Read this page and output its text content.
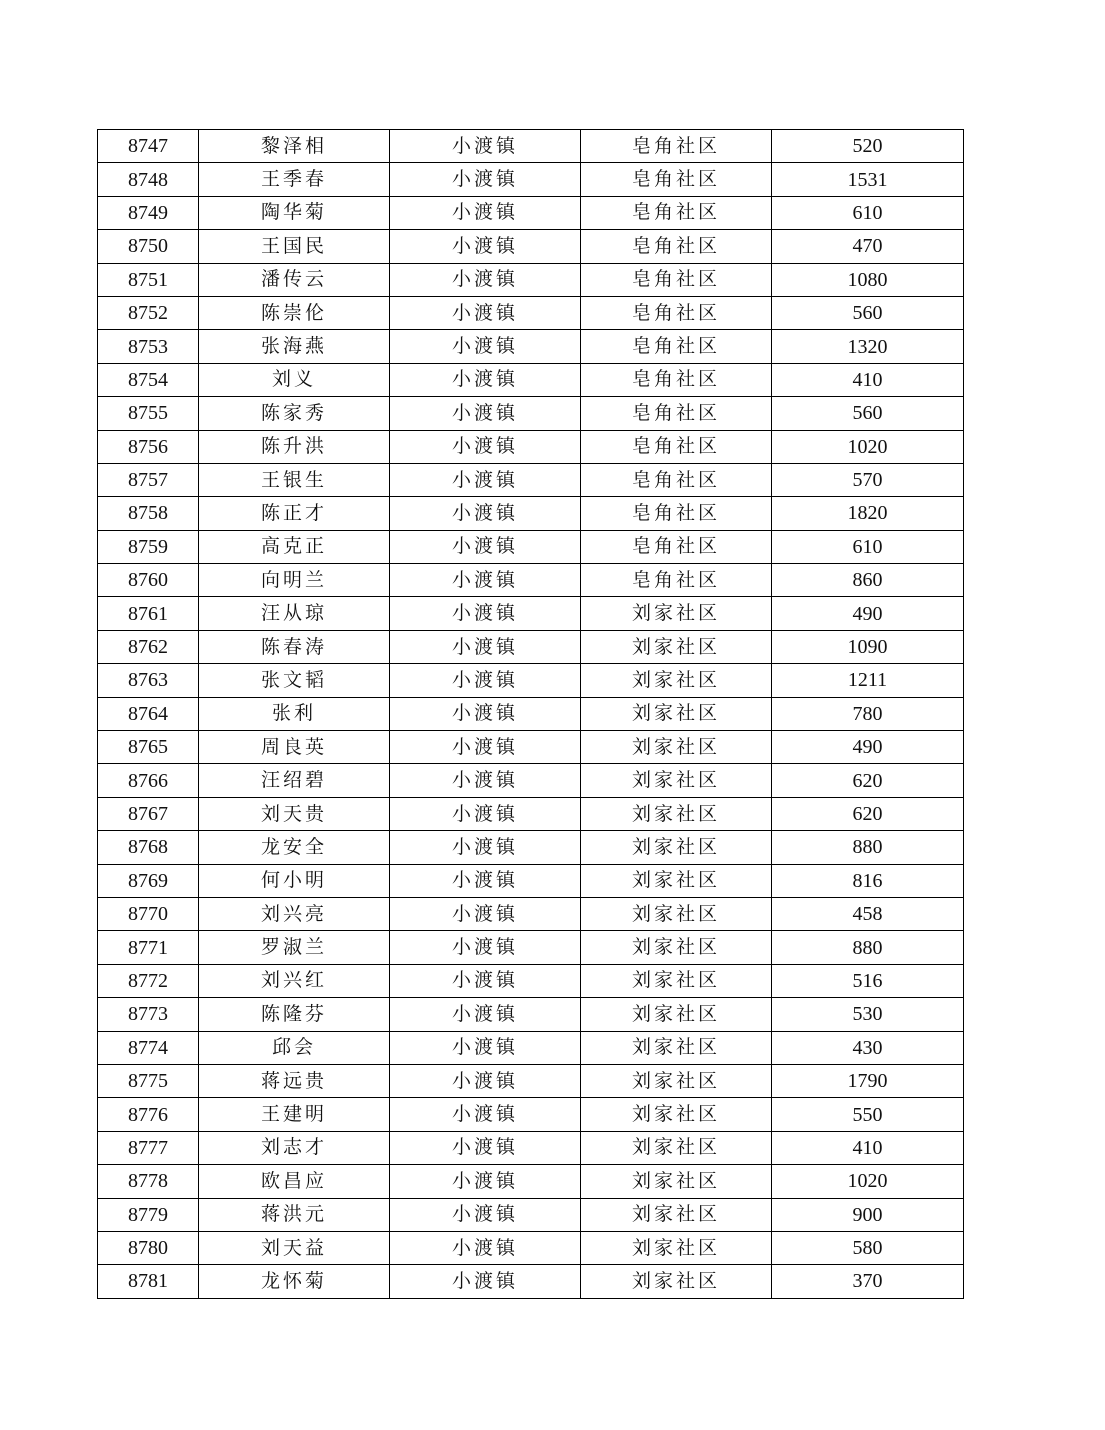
8747	黎泽相	小渡镇	皂角社区	520
8748	王季春	小渡镇	皂角社区	1531
8749	陶华菊	小渡镇	皂角社区	610
8750	王国民	小渡镇	皂角社区	470
8751	潘传云	小渡镇	皂角社区	1080
8752	陈崇伦	小渡镇	皂角社区	560
8753	张海燕	小渡镇	皂角社区	1320
8754	刘义	小渡镇	皂角社区	410
8755	陈家秀	小渡镇	皂角社区	560
8756	陈升洪	小渡镇	皂角社区	1020
8757	王银生	小渡镇	皂角社区	570
8758	陈正才	小渡镇	皂角社区	1820
8759	高克正	小渡镇	皂角社区	610
8760	向明兰	小渡镇	皂角社区	860
8761	汪从琼	小渡镇	刘家社区	490
8762	陈春涛	小渡镇	刘家社区	1090
8763	张文韬	小渡镇	刘家社区	1211
8764	张利	小渡镇	刘家社区	780
8765	周良英	小渡镇	刘家社区	490
8766	汪绍碧	小渡镇	刘家社区	620
8767	刘天贵	小渡镇	刘家社区	620
8768	龙安全	小渡镇	刘家社区	880
8769	何小明	小渡镇	刘家社区	816
8770	刘兴亮	小渡镇	刘家社区	458
8771	罗淑兰	小渡镇	刘家社区	880
8772	刘兴红	小渡镇	刘家社区	516
8773	陈隆芬	小渡镇	刘家社区	530
8774	邱会	小渡镇	刘家社区	430
8775	蒋远贵	小渡镇	刘家社区	1790
8776	王建明	小渡镇	刘家社区	550
8777	刘志才	小渡镇	刘家社区	410
8778	欧昌应	小渡镇	刘家社区	1020
8779	蒋洪元	小渡镇	刘家社区	900
8780	刘天益	小渡镇	刘家社区	580
8781	龙怀菊	小渡镇	刘家社区	370
